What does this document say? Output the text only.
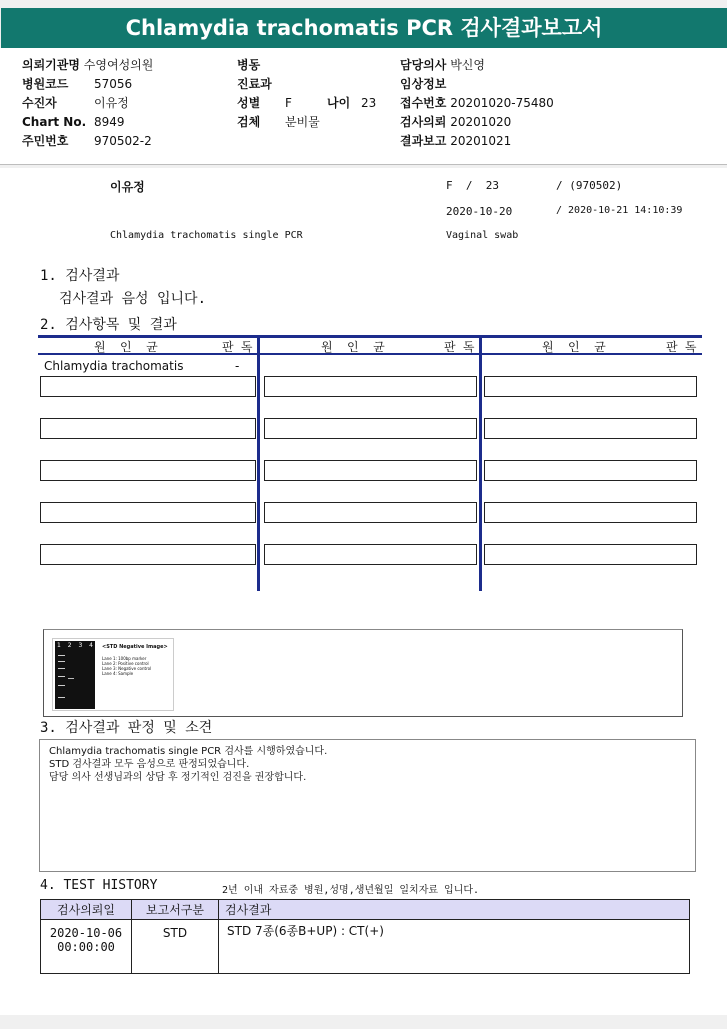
Chlamydia trachomatis PCR 검사결과보고서
의뢰기관명 수영여성의원
병원코드 57056
수진자	이유정
Chart No. 8949
주민번호 970502-2
병동
진료과
성별 F	나이 23
검체 분비물
담당의사 박신영
임상정보
접수번호 20201020-75480
검사의뢰 20201020
결과보고 20201021
이유정	F  /  23	/ (970502)
2020-10-20	/ 2020-10-21 14:10:39
Chlamydia trachomatis single PCR	Vaginal swab
1. 검사결과
검사결과 음성 입니다.
2. 검사항목 및 결과
원  인  균	판 독	원  인  균	판 독	원  인  균	판 독
Chlamydia trachomatis	-
1 2 3 4 <STD Negative Image>
Lane 1: 100bp marker
Lane 2: Positive control
Lane 3: Negative control
Lane 4: Sample
3. 검사결과 판정 및 소견
Chlamydia trachomatis single PCR 검사를 시행하였습니다.
STD 검사결과 모두 음성으로 판정되었습니다.
담당 의사 선생님과의 상담 후 정기적인 검진을 권장합니다.
4. TEST HISTORY	2년 이내 자료중 병원,성명,생년월일 일치자료 입니다.
검사의뢰일	보고서구분	검사결과

2020-10-06
00:00:00	STD	STD 7종(6종B+UP) : CT(+)
